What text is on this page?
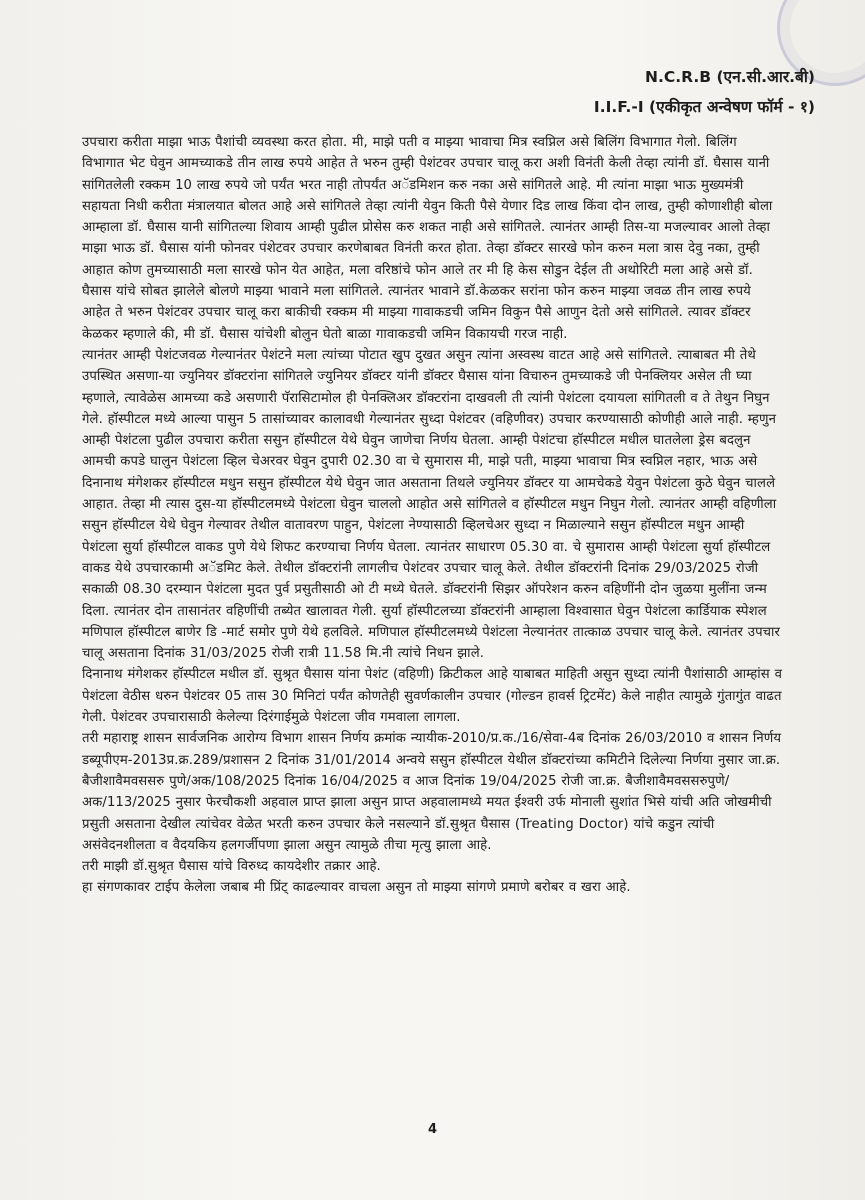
N.C.R.B (एन.सी.आर.बी)
I.I.F.-I (एकीकृत अन्वेषण फॉर्म - १)

उपचारा करीता माझा भाऊ पैशांची व्यवस्था करत होता. मी, माझे पती व माझ्या भावाचा मित्र स्वप्निल असे बिलिंग विभागात गेलो. बिलिंग विभागात भेट घेवुन आमच्याकडे तीन लाख रुपये आहेत ते भरुन तुम्ही पेशंटवर उपचार चालू करा अशी विनंती केली तेव्हा त्यांनी डॉ. घैसास यानी सांगितलेली रक्कम 10 लाख रुपये जो पर्यंत भरत नाही तोपर्यंत अॅडमिशन करु नका असे सांगितले आहे. मी त्यांना माझा भाऊ मुख्यमंत्री सहायता निधी करीता मंत्रालयात बोलत आहे असे सांगितले तेव्हा त्यांनी येवुन किती पैसे येणार दिड लाख किंवा दोन लाख, तुम्ही कोणाशीही बोला आम्हाला डॉ. घैसास यानी सांगितल्या शिवाय आम्ही पुढील प्रोसेस करु शकत नाही असे सांगितले. त्यानंतर आम्ही तिस-या मजल्यावर आलो तेव्हा माझा भाऊ डॉ. घैसास यांनी फोनवर पंशेटवर उपचार करणेबाबत विनंती करत होता. तेव्हा डॉक्टर सारखे फोन करुन मला त्रास देवु नका, तुम्ही आहात कोण तुमच्यासाठी मला सारखे फोन येत आहेत, मला वरिष्ठांचे फोन आले तर मी हि केस सोडुन देईल ती अथोरिटी मला आहे असे डॉ. घैसास यांचे सोबत झालेले बोलणे माझ्या भावाने मला सांगितले. त्यानंतर भावाने डॉ.केळकर सरांना फोन करुन माझ्या जवळ तीन लाख रुपये आहेत ते भरुन पेशंटवर उपचार चालू करा बाकीची रक्कम मी माझ्या गावाकडची जमिन विकुन पैसे आणुन देतो असे सांगितले. त्यावर डॉक्टर केळकर म्हणाले की, मी डॉ. घैसास यांचेशी बोलुन घेतो बाळा गावाकडची जमिन विकायची गरज नाही.

त्यानंतर आम्ही पेशंटजवळ गेल्यानंतर पेशंटने मला त्यांच्या पोटात खुप दुखत असुन त्यांना अस्वस्थ वाटत आहे असे सांगितले. त्याबाबत मी तेथे उपस्थित असणा-या ज्युनियर डॉक्टरांना सांगितले ज्युनियर डॉक्टर यांनी डॉक्टर घैसास यांना विचारुन तुमच्याकडे जी पेनक्लियर असेल ती घ्या म्हणाले, त्यावेळेस आमच्या कडे असणारी पॅरासिटामोल ही पेनक्लिअर डॉक्टरांना दाखवली ती त्यांनी पेशंटला दयायला सांगितली व ते तेथुन निघुन गेले. हॉस्पीटल मध्ये आल्या पासुन 5 तासांच्यावर कालावधी गेल्यानंतर सुध्दा पेशंटवर (वहिणीवर) उपचार करण्यासाठी कोणीही आले नाही. म्हणुन आम्ही पेशंटला पुढील उपचारा करीता ससुन हॉस्पीटल येथे घेवुन जाणेचा निर्णय घेतला. आम्ही पेशंटचा हॉस्पीटल मधील घातलेला ड्रेस बदलुन आमची कपडे घालुन पेशंटला व्हिल चेअरवर घेवुन दुपारी 02.30 वा चे सुमारास मी, माझे पती, माझ्या भावाचा मित्र स्वप्निल नहार, भाऊ असे दिनानाथ मंगेशकर हॉस्पीटल मधुन ससुन हॉस्पीटल येथे घेवुन जात असताना तिथले ज्युनियर डॉक्टर या आमचेकडे येवुन पेशंटला कुठे घेवुन चालले आहात. तेव्हा मी त्यास दुस-या हॉस्पीटलमध्ये पेशंटला घेवुन चाललो आहोत असे सांगितले व हॉस्पीटल मधुन निघुन गेलो. त्यानंतर आम्ही वहिणीला ससुन हॉस्पीटल येथे घेवुन गेल्यावर तेथील वातावरण पाहुन, पेशंटला नेण्यासाठी व्हिलचेअर सुध्दा न मिळाल्याने ससुन हॉस्पीटल मधुन आम्ही पेशंटला सुर्या हॉस्पीटल वाकड पुणे येथे शिफट करण्याचा निर्णय घेतला. त्यानंतर साधारण 05.30 वा. चे सुमारास आम्ही पेशंटला सुर्या हॉस्पीटल वाकड येथे उपचारकामी अॅडमिट केले. तेथील डॉक्टरांनी लागलीच पेशंटवर उपचार चालू केले. तेथील डॉक्टरांनी दिनांक 29/03/2025 रोजी सकाळी 08.30 दरम्यान पेशंटला मुदत पुर्व प्रसुतीसाठी ओ टी मध्ये घेतले. डॉक्टरांनी सिझर ऑपरेशन करुन वहिणींनी दोन जुळया मुलींना जन्म दिला. त्यानंतर दोन तासानंतर वहिणींची तब्येत खालावत गेली. सुर्या हॉस्पीटलच्या डॉक्टरांनी आम्हाला विश्वासात घेवुन पेशंटला कार्डियाक स्पेशल मणिपाल हॉस्पीटल बाणेर डि -मार्ट समोर पुणे येथे हलविले. मणिपाल हॉस्पीटलमध्ये पेशंटला नेल्यानंतर तात्काळ उपचार चालू केले. त्यानंतर उपचार चालू असताना दिनांक 31/03/2025 रोजी रात्री 11.58 मि.नी त्यांचे निधन झाले.

दिनानाथ मंगेशकर हॉस्पीटल मधील डॉ. सुश्रृत घैसास यांना पेशंट (वहिणी) क्रिटीकल आहे याबाबत माहिती असुन सुध्दा त्यांनी पैशांसाठी आम्हांस व पेशंटला वेठीस धरुन पेशंटवर 05 तास 30 मिनिटां पर्यंत कोणतेही सुवर्णकालीन उपचार (गोल्डन हावर्स ट्रिटमेंट) केले नाहीत त्यामुळे गुंतागुंत वाढत गेली. पेशंटवर उपचारासाठी केलेल्या दिरंगाईमुळे पेशंटला जीव गमवाला लागला.

तरी महाराष्ट्र शासन सार्वजनिक आरोग्य विभाग शासन निर्णय क्रमांक न्यायीक-2010/प्र.क./16/सेवा-4ब दिनांक 26/03/2010 व शासन निर्णय डब्यूपीएम-2013प्र.क्र.289/प्रशासन 2 दिनांक 31/01/2014 अन्वये ससुन हॉस्पीटल येथील डॉक्टरांच्या कमिटीने दिलेल्या निर्णया नुसार जा.क्र. बैजीशावैमवससरु पुणे/अक/108/2025 दिनांक 16/04/2025 व आज दिनांक 19/04/2025 रोजी जा.क्र. बैजीशावैमवससरुपुणे/अक/113/2025 नुसार फेरचौकशी अहवाल प्राप्त झाला असुन प्राप्त अहवालामध्ये मयत ईश्वरी उर्फ मोनाली सुशांत भिसे यांची अति जोखमीची प्रसुती असताना देखील त्यांचेवर वेळेत भरती करुन उपचार केले नसल्याने डॉ.सुश्रृत घैसास (Treating Doctor) यांचे कडुन त्यांची असंवेदनशीलता व वैदयकिय हलगर्जीपणा झाला असुन त्यामुळे तीचा मृत्यु झाला आहे.

तरी माझी डॉ.सुश्रृत घैसास यांचे विरुध्द कायदेशीर तक्रार आहे.

हा संगणकावर टाईप केलेला जबाब मी प्रिंट् काढल्यावर वाचला असुन तो माझ्या सांगणे प्रमाणे बरोबर व खरा आहे.

4
